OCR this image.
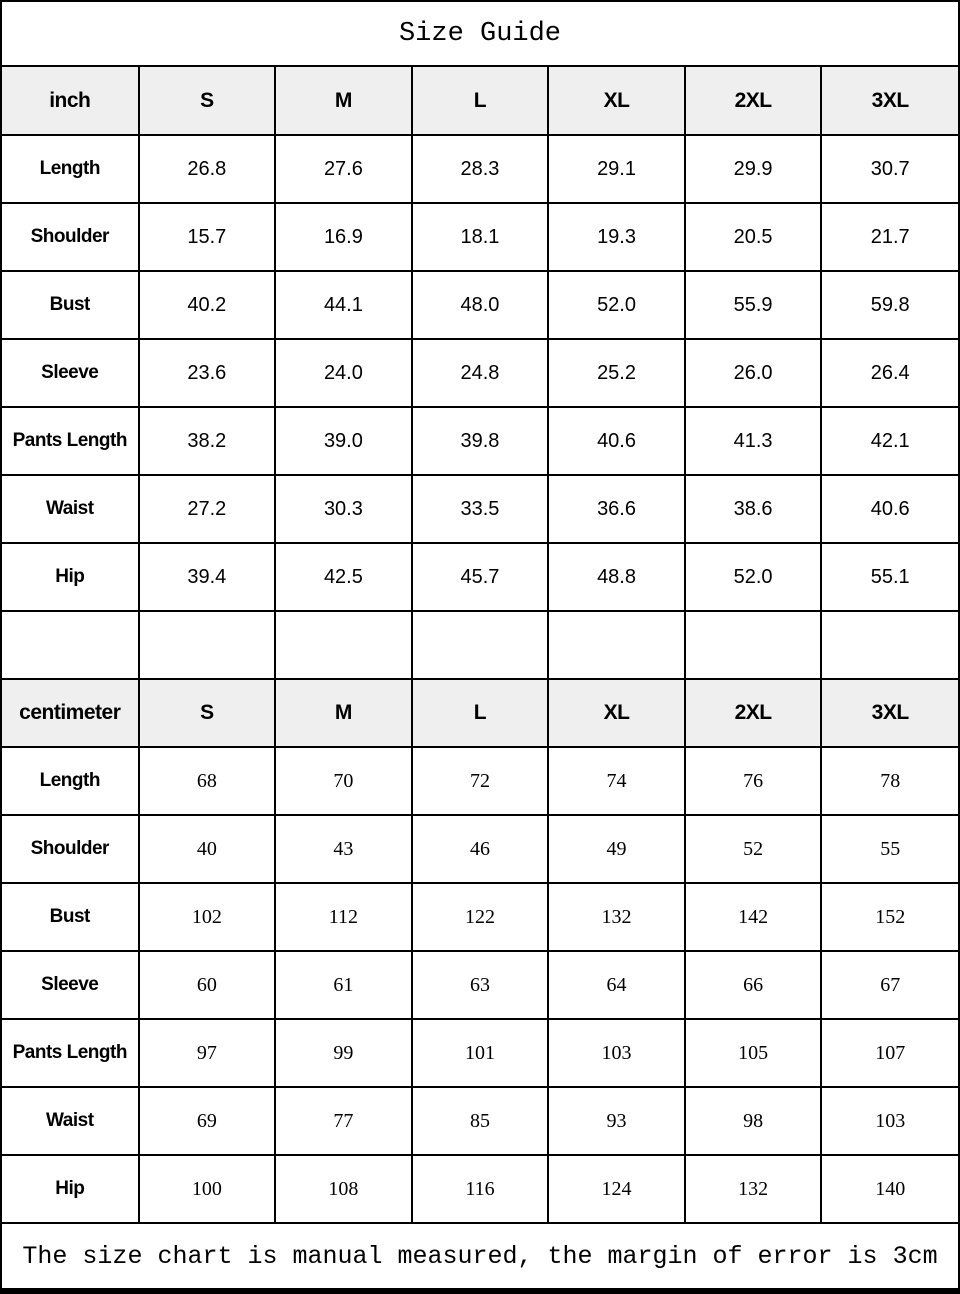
Size Guide
inch	S	M	L	XL	2XL	3XL
Length	26.8	27.6	28.3	29.1	29.9	30.7
Shoulder	15.7	16.9	18.1	19.3	20.5	21.7
Bust	40.2	44.1	48.0	52.0	55.9	59.8
Sleeve	23.6	24.0	24.8	25.2	26.0	26.4
Pants Length	38.2	39.0	39.8	40.6	41.3	42.1
Waist	27.2	30.3	33.5	36.6	38.6	40.6
Hip	39.4	42.5	45.7	48.8	52.0	55.1

centimeter	S	M	L	XL	2XL	3XL
Length	68	70	72	74	76	78
Shoulder	40	43	46	49	52	55
Bust	102	112	122	132	142	152
Sleeve	60	61	63	64	66	67
Pants Length	97	99	101	103	105	107
Waist	69	77	85	93	98	103
Hip	100	108	116	124	132	140
The size chart is manual measured, the margin of error is 3cm
